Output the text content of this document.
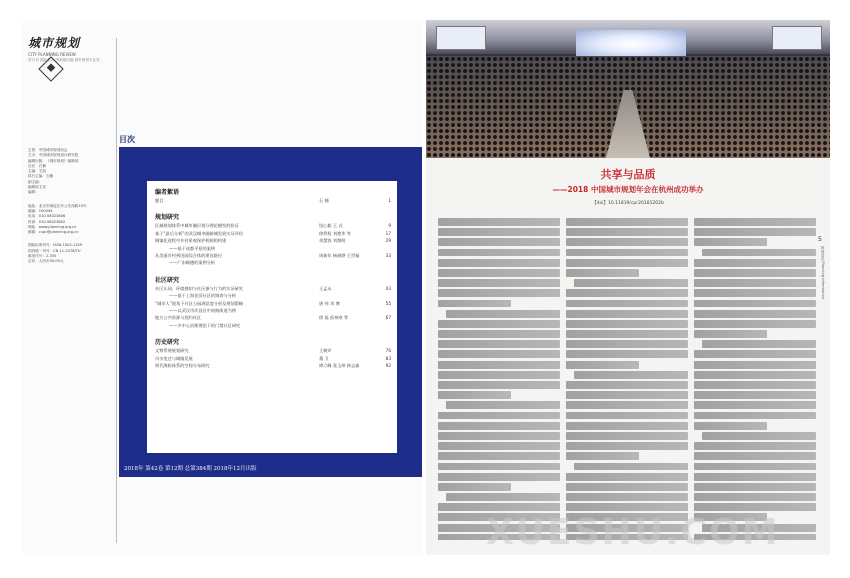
城市规划
CITY PLANNING REVIEW
首月刊 国际会议 国家级出版 城乡规划专业类
主管：中国城市规划协会
主办：中国城市规划设计研究院
编辑出版：《城市规划》编辑部
社长：石楠
主编：王凯
执行主编：石楠
副主编：
编辑部主任：
编辑：
地址：北京市海淀区车公庄西路10号
邮编：100044
电话：010-58323806
传真：010-58323802
网址：www.planning.org.cn
邮箱：cupr@planning.org.cn
国际标准刊号：ISSN 1002-1329
国内统一刊号：CN 11-2378/TU
邮发代号：2-355
定价：人民币30.00元
目次
编者絮语
题目	石 楠	1
规划研究
区域规划体系中城市圈层划分理论模型的验证	钮心毅 王 垚	9
基于“最后分析”的武汉城市圈新城发展实证评估	徐利权 刘艳华 等	17
城镇化进程中乡村景观保护机制的构建	余慧容 刘黎明	29
——基于成都平原的案例
从美丽乡村到田园综合体的建设路径	周新年 杨晓烨 王世福	33
——广东顺德的案例分析
社区研究
社区认同、环境感知与社区参与行为的实证研究	王孟永	43
——基于上海老旧社区的调查与分析
“城市人”视角下社区公园满意度分析及规划策略	唐 伟 刘 博	55
——以武汉市武昌区中南路街道为例
地方公共资源与契约社区	徐 磊 彭坤焘 等	67
——多中心治理理论下的门禁社区研究
历史研究
文物系统规划研究	王树声	76
风水变迁与城镇发展	董 卫	83
明代海防体系的空间分布研究	谭立峰 张玉坤 林志森	92
2018年 第42卷 第12期 总第384期 2018年12月出版
共享与品质
——2018 中国城市规划年会在杭州成功举办
【doi】10.11819/cpr20181202b
5
规划动态 Planning Information
XUESHU.COM
